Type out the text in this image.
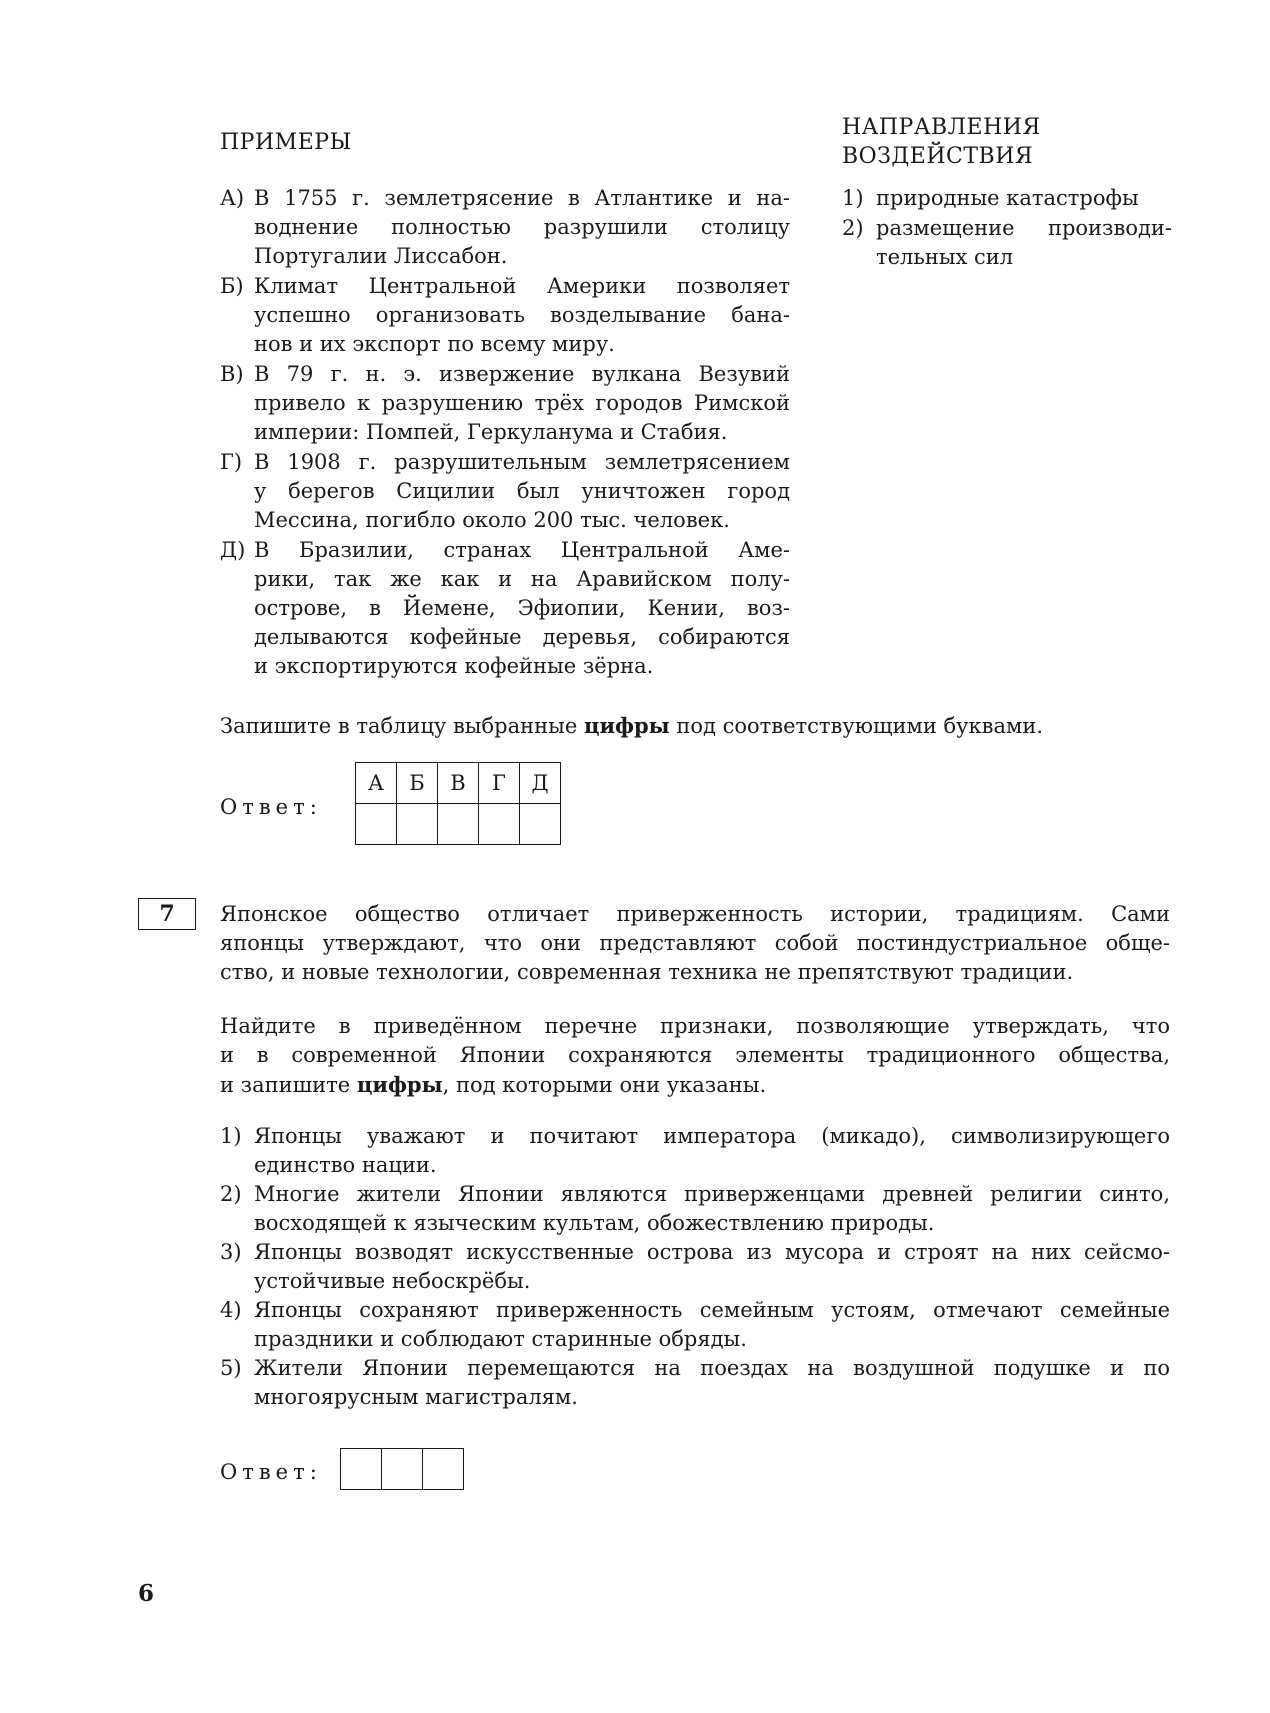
ПРИМЕРЫ
НАПРАВЛЕНИЯ
ВОЗДЕЙСТВИЯ
А) В 1755 г. землетрясение в Атлантике и на-
воднение полностью разрушили столицу
Португалии Лиссабон.
Б) Климат Центральной Америки позволяет
успешно организовать возделывание бана-
нов и их экспорт по всему миру.
В) В 79 г. н. э. извержение вулкана Везувий
привело к разрушению трёх городов Римской
империи: Помпей, Геркуланума и Стабия.
Г) В 1908 г. разрушительным землетрясением
у берегов Сицилии был уничтожен город
Мессина, погибло около 200 тыс. человек.
Д) В Бразилии, странах Центральной Аме-
рики, так же как и на Аравийском полу-
острове, в Йемене, Эфиопии, Кении, воз-
делываются кофейные деревья, собираются
и экспортируются кофейные зёрна.
1) природные катастрофы
2) размещение производи-
тельных сил
Запишите в таблицу выбранные цифры под соответствующими буквами.
Ответ:
А	Б	В	Г	Д

7	Японское общество отличает приверженность истории, традициям. Сами
японцы утверждают, что они представляют собой постиндустриальное обще-
ство, и новые технологии, современная техника не препятствуют традиции.
Найдите в приведённом перечне признаки, позволяющие утверждать, что
и в современной Японии сохраняются элементы традиционного общества,
и запишите цифры, под которыми они указаны.
1) Японцы уважают и почитают императора (микадо), символизирующего
единство нации.
2) Многие жители Японии являются приверженцами древней религии синто,
восходящей к языческим культам, обожествлению природы.
3) Японцы возводят искусственные острова из мусора и строят на них сейсмо-
устойчивые небоскрёбы.
4) Японцы сохраняют приверженность семейным устоям, отмечают семейные
праздники и соблюдают старинные обряды.
5) Жители Японии перемещаются на поездах на воздушной подушке и по
многоярусным магистралям.
Ответ:

6
